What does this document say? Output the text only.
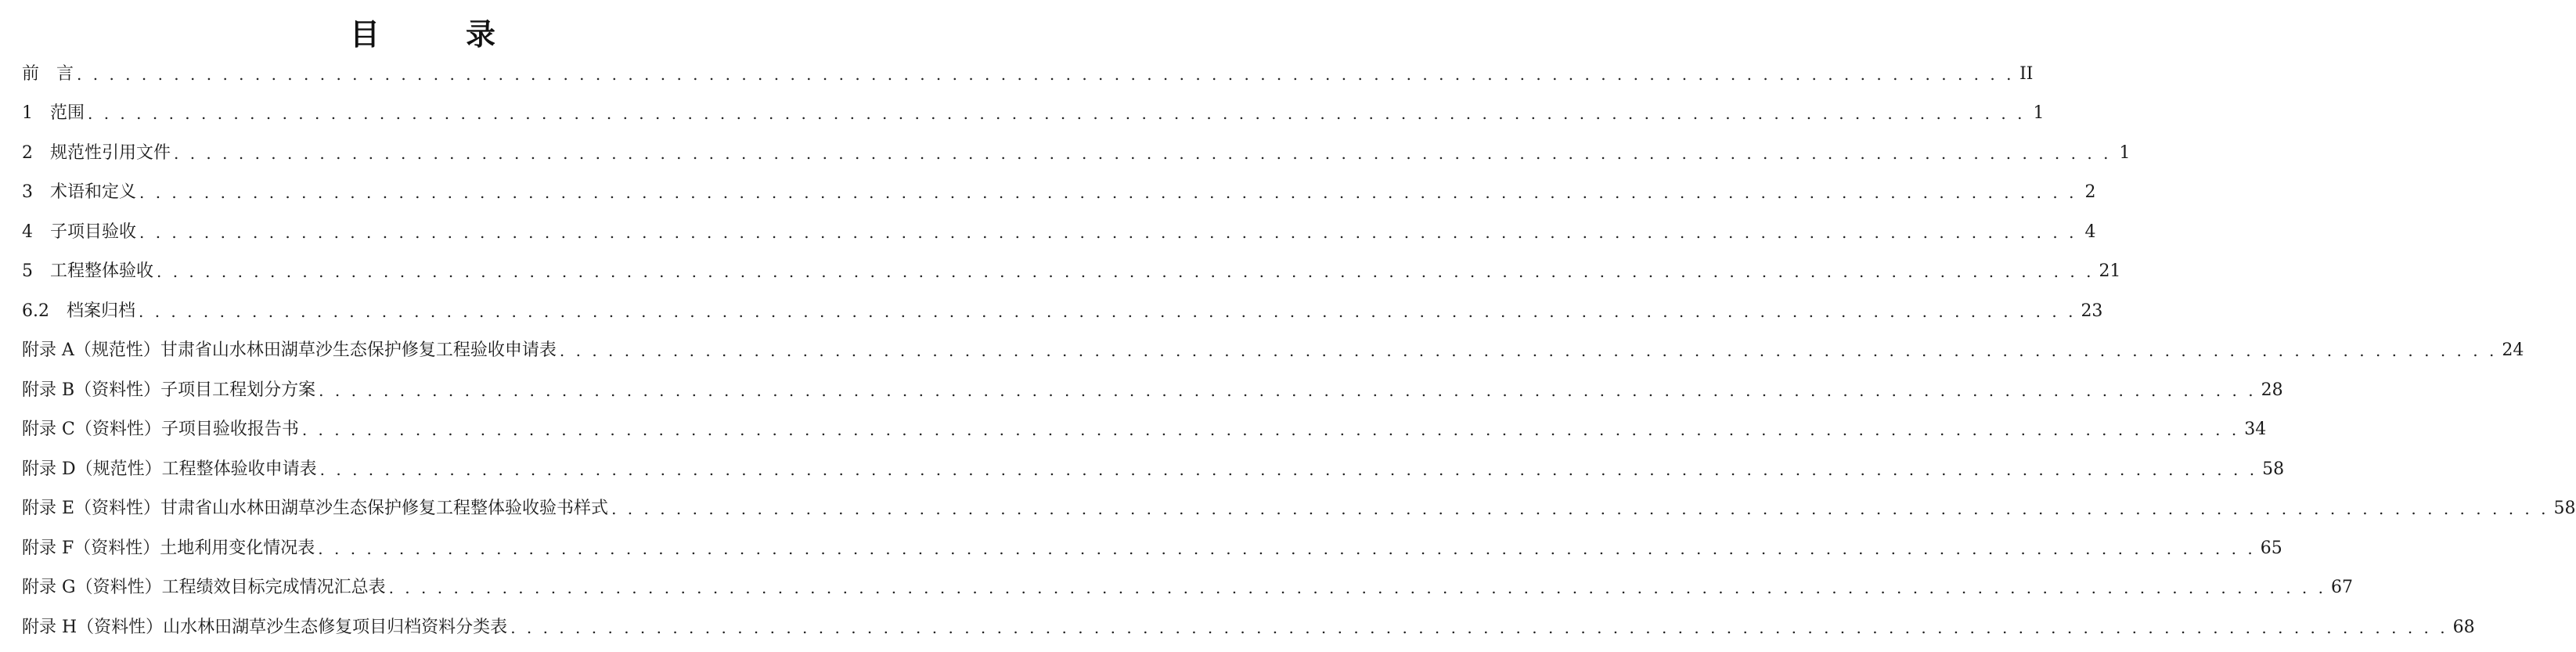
目　录
前　言 . . . . . . . . . . . . . . . . . . . . . . . . . . . . . . . . . . . . . . . . . . . . . . . . . . . . . . . . . . . . . . . . . . . . . . . . . . . . . . . . . . . . . . . . . . . . . . . . . . . . . . . . . . . . . . . . . . . . . . . . II
1　范围 . . . . . . . . . . . . . . . . . . . . . . . . . . . . . . . . . . . . . . . . . . . . . . . . . . . . . . . . . . . . . . . . . . . . . . . . . . . . . . . . . . . . . . . . . . . . . . . . . . . . . . . . . . . . . . . . . . . . . . . . 1
2　规范性引用文件 . . . . . . . . . . . . . . . . . . . . . . . . . . . . . . . . . . . . . . . . . . . . . . . . . . . . . . . . . . . . . . . . . . . . . . . . . . . . . . . . . . . . . . . . . . . . . . . . . . . . . . . . . . . . . . . . . . . . . . . . 1
3　术语和定义 . . . . . . . . . . . . . . . . . . . . . . . . . . . . . . . . . . . . . . . . . . . . . . . . . . . . . . . . . . . . . . . . . . . . . . . . . . . . . . . . . . . . . . . . . . . . . . . . . . . . . . . . . . . . . . . . . . . . . . . . 2
4　子项目验收 . . . . . . . . . . . . . . . . . . . . . . . . . . . . . . . . . . . . . . . . . . . . . . . . . . . . . . . . . . . . . . . . . . . . . . . . . . . . . . . . . . . . . . . . . . . . . . . . . . . . . . . . . . . . . . . . . . . . . . . . 4
5　工程整体验收 . . . . . . . . . . . . . . . . . . . . . . . . . . . . . . . . . . . . . . . . . . . . . . . . . . . . . . . . . . . . . . . . . . . . . . . . . . . . . . . . . . . . . . . . . . . . . . . . . . . . . . . . . . . . . . . . . . . . . . . . 21
6.2　档案归档 . . . . . . . . . . . . . . . . . . . . . . . . . . . . . . . . . . . . . . . . . . . . . . . . . . . . . . . . . . . . . . . . . . . . . . . . . . . . . . . . . . . . . . . . . . . . . . . . . . . . . . . . . . . . . . . . . . . . . . . . 23
附录 A（规范性）甘肃省山水林田湖草沙生态保护修复工程验收申请表 . . . . . . . . . . . . . . . . . . . . . . . . . . . . . . . . . . . . . . . . . . . . . . . . . . . . . . . . . . . . . . . . . . . . . . . . . . . . . . . . . . . . . . . . . . . . . . . . . . . . . . . . . . . . . . . . . . . . . . . . 24
附录 B（资料性）子项目工程划分方案 . . . . . . . . . . . . . . . . . . . . . . . . . . . . . . . . . . . . . . . . . . . . . . . . . . . . . . . . . . . . . . . . . . . . . . . . . . . . . . . . . . . . . . . . . . . . . . . . . . . . . . . . . . . . . . . . . . . . . . . . 28
附录 C（资料性）子项目验收报告书 . . . . . . . . . . . . . . . . . . . . . . . . . . . . . . . . . . . . . . . . . . . . . . . . . . . . . . . . . . . . . . . . . . . . . . . . . . . . . . . . . . . . . . . . . . . . . . . . . . . . . . . . . . . . . . . . . . . . . . . . 34
附录 D（规范性）工程整体验收申请表 . . . . . . . . . . . . . . . . . . . . . . . . . . . . . . . . . . . . . . . . . . . . . . . . . . . . . . . . . . . . . . . . . . . . . . . . . . . . . . . . . . . . . . . . . . . . . . . . . . . . . . . . . . . . . . . . . . . . . . . . 58
附录 E（资料性）甘肃省山水林田湖草沙生态保护修复工程整体验收验书样式 . . . . . . . . . . . . . . . . . . . . . . . . . . . . . . . . . . . . . . . . . . . . . . . . . . . . . . . . . . . . . . . . . . . . . . . . . . . . . . . . . . . . . . . . . . . . . . . . . . . . . . . . . . . . . . . . . . . . . . . . 58
附录 F（资料性）土地利用变化情况表 . . . . . . . . . . . . . . . . . . . . . . . . . . . . . . . . . . . . . . . . . . . . . . . . . . . . . . . . . . . . . . . . . . . . . . . . . . . . . . . . . . . . . . . . . . . . . . . . . . . . . . . . . . . . . . . . . . . . . . . . 65
附录 G（资料性）工程绩效目标完成情况汇总表 . . . . . . . . . . . . . . . . . . . . . . . . . . . . . . . . . . . . . . . . . . . . . . . . . . . . . . . . . . . . . . . . . . . . . . . . . . . . . . . . . . . . . . . . . . . . . . . . . . . . . . . . . . . . . . . . . . . . . . . . 67
附录 H（资料性）山水林田湖草沙生态修复项目归档资料分类表 . . . . . . . . . . . . . . . . . . . . . . . . . . . . . . . . . . . . . . . . . . . . . . . . . . . . . . . . . . . . . . . . . . . . . . . . . . . . . . . . . . . . . . . . . . . . . . . . . . . . . . . . . . . . . . . . . . . . . . . . 68
